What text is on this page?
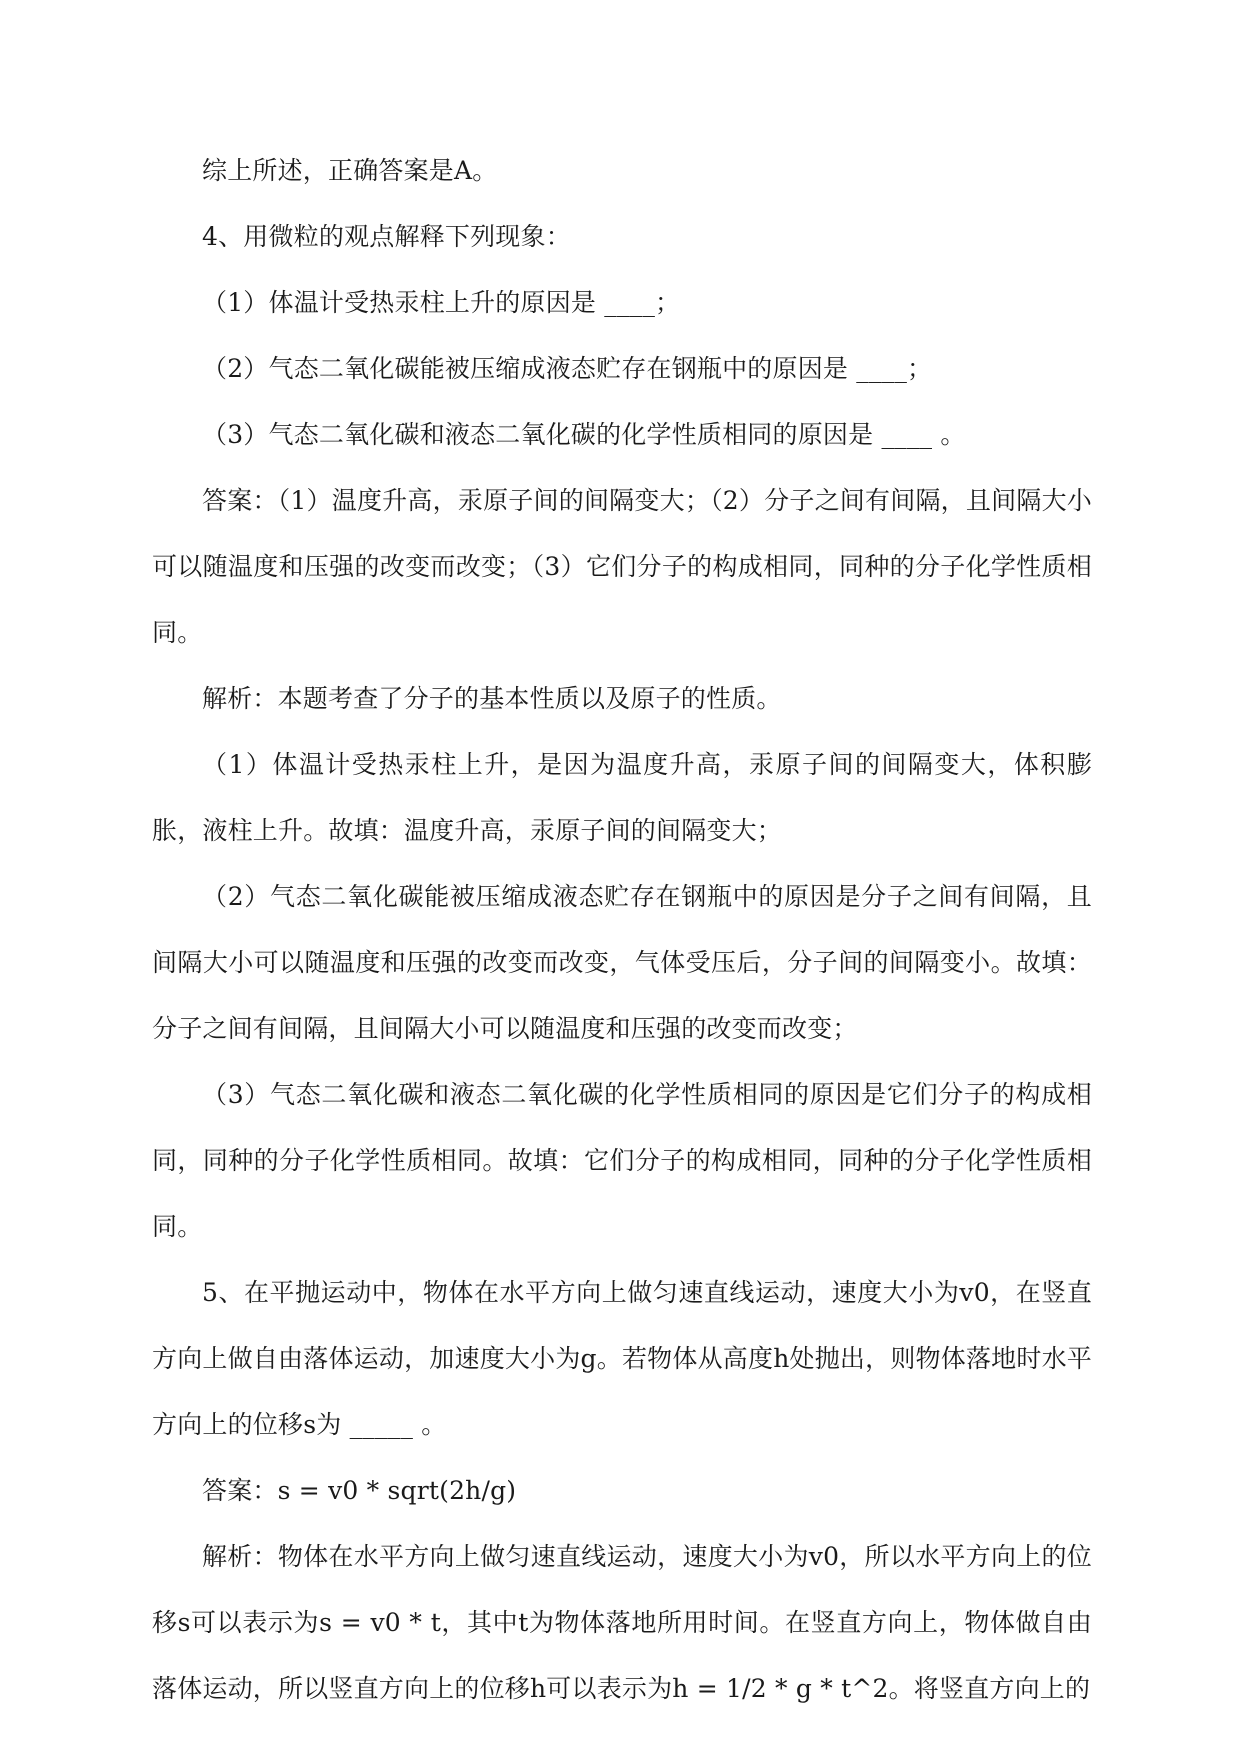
综上所述，正确答案是A。

4、用微粒的观点解释下列现象：

（1）体温计受热汞柱上升的原因是 ____；

（2）气态二氧化碳能被压缩成液态贮存在钢瓶中的原因是 ____；

（3）气态二氧化碳和液态二氧化碳的化学性质相同的原因是 ____ 。

答案：（1）温度升高，汞原子间的间隔变大；（2）分子之间有间隔，且间隔大小可以随温度和压强的改变而改变；（3）它们分子的构成相同，同种的分子化学性质相同。

解析：本题考查了分子的基本性质以及原子的性质。

（1）体温计受热汞柱上升，是因为温度升高，汞原子间的间隔变大，体积膨胀，液柱上升。故填：温度升高，汞原子间的间隔变大；

（2）气态二氧化碳能被压缩成液态贮存在钢瓶中的原因是分子之间有间隔，且间隔大小可以随温度和压强的改变而改变，气体受压后，分子间的间隔变小。故填：分子之间有间隔，且间隔大小可以随温度和压强的改变而改变；

（3）气态二氧化碳和液态二氧化碳的化学性质相同的原因是它们分子的构成相同，同种的分子化学性质相同。故填：它们分子的构成相同，同种的分子化学性质相同。

5、在平抛运动中，物体在水平方向上做匀速直线运动，速度大小为v0，在竖直方向上做自由落体运动，加速度大小为g。若物体从高度h处抛出，则物体落地时水平方向上的位移s为 _____ 。

答案：s = v0 * sqrt(2h/g)

解析：物体在水平方向上做匀速直线运动，速度大小为v0，所以水平方向上的位移s可以表示为s = v0 * t，其中t为物体落地所用时间。在竖直方向上，物体做自由落体运动，所以竖直方向上的位移h可以表示为h = 1/2 * g * t^2。将竖直方向上的
